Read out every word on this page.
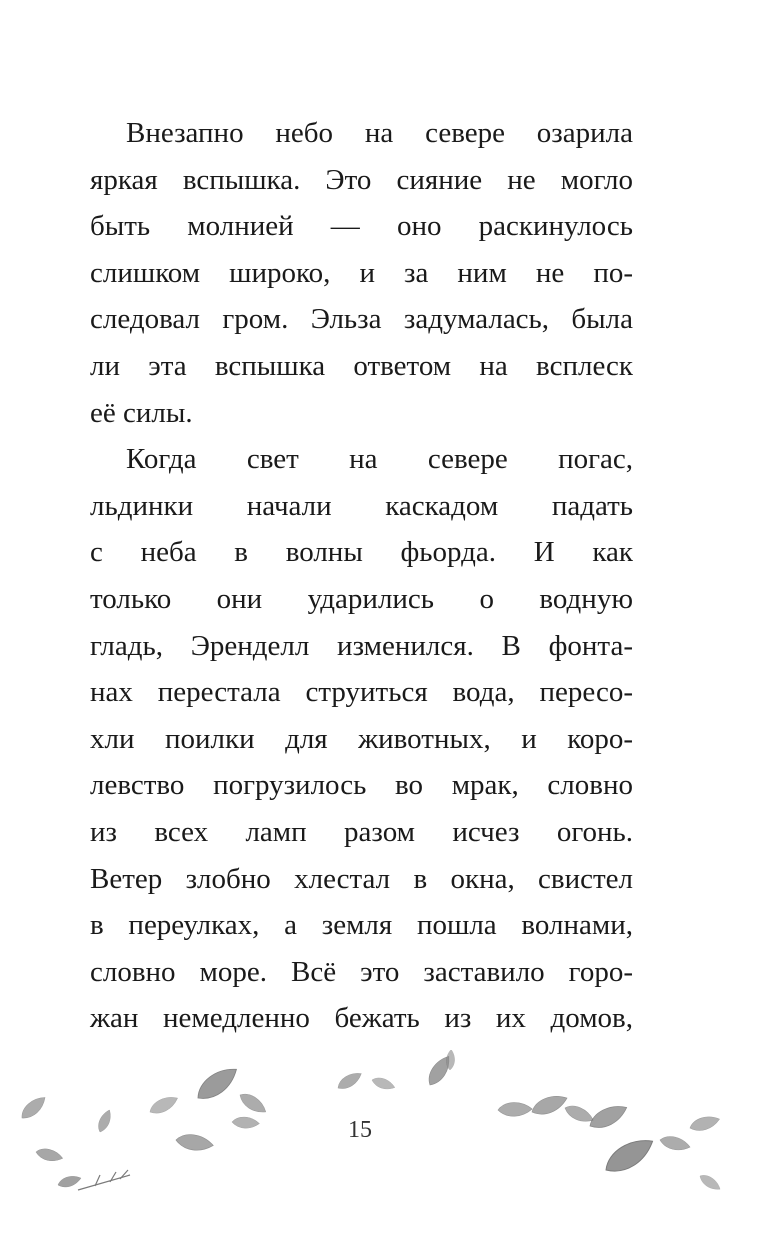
Внезапно небо на севере озарила
яркая вспышка. Это сияние не могло
быть молнией — оно раскинулось
слишком широко, и за ним не по-
следовал гром. Эльза задумалась, была
ли эта вспышка ответом на всплеск
её силы.
Когда свет на севере погас,
льдинки начали каскадом падать
с неба в волны фьорда. И как
только они ударились о водную
гладь, Эренделл изменился. В фонта-
нах перестала струиться вода, пересо-
хли поилки для животных, и коро-
левство погрузилось во мрак, словно
из всех ламп разом исчез огонь.
Ветер злобно хлестал в окна, свистел
в переулках, а земля пошла волнами,
словно море. Всё это заставило горо-
жан немедленно бежать из их домов,
15
